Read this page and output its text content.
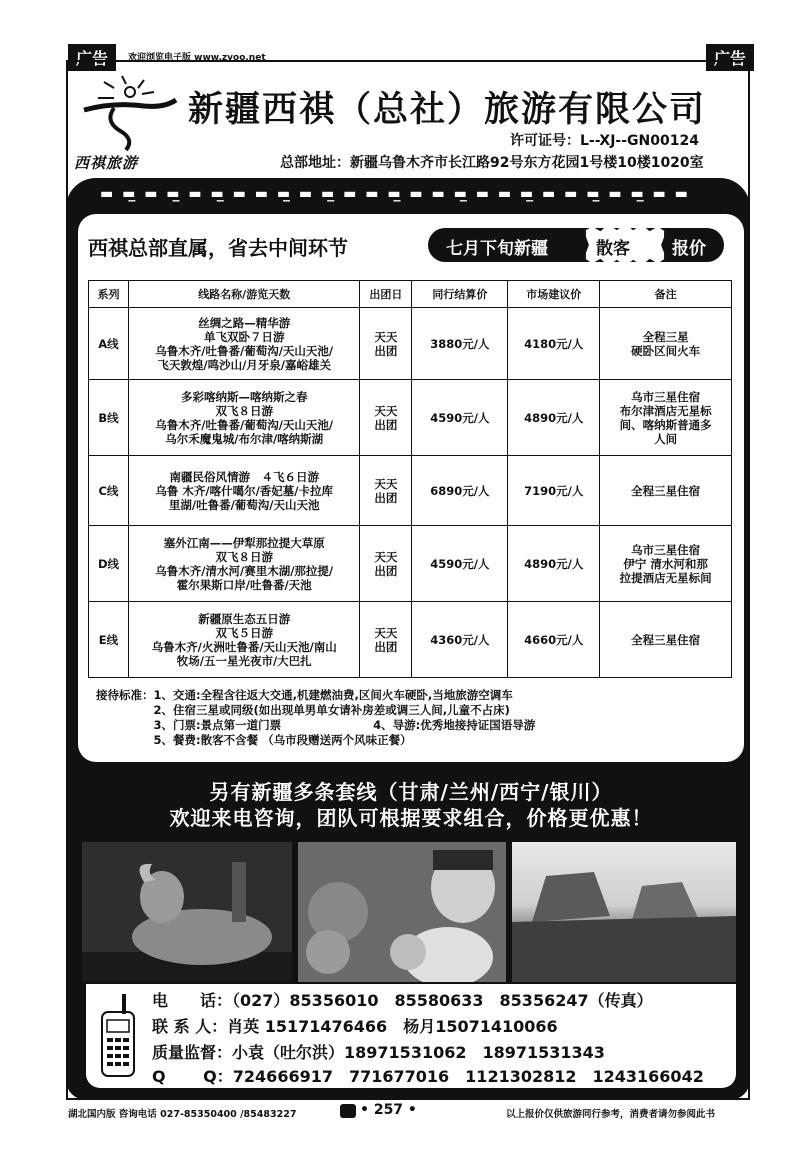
广告	欢迎浏览电子版 www.zyoo.net	广告
西祺旅游
新疆西祺（总社）旅游有限公司
许可证号：L--XJ--GN00124
总部地址：新疆乌鲁木齐市长江路92号东方花园1号楼10楼1020室
▬ ▬̲ ▬ ▬̲ ▬ ▬̲ ▬ ▬ ▬̲ ▬ ▬̲ ▬ ▬ ▬̲ ▬ ▬ ▬̲ ▬ ▬ ▬̲ ▬ ▬ ▬̲ ▬ ▬̲ ▬ ▬
西祺总部直属，省去中间环节	七月下旬新疆	散客 报价
系列	线路名称/游览天数	出团日	同行结算价	市场建议价	备注
A线	丝绸之路—精华游
单飞双卧７日游
乌鲁木齐/吐鲁番/葡萄沟/天山天池/
飞天敦煌/鸣沙山/月牙泉/嘉峪雄关	天天
出团	3880元/人	4180元/人	全程三星
硬卧区间火车
B线	多彩喀纳斯—喀纳斯之春
双飞８日游
乌鲁木齐/吐鲁番/葡萄沟/天山天池/
乌尔禾魔鬼城/布尔津/喀纳斯湖	天天
出团	4590元/人	4890元/人	乌市三星住宿
布尔津酒店无星标
间、喀纳斯普通多
人间
C线	南疆民俗风情游　４飞６日游
乌鲁 木齐/喀什噶尔/香妃墓/卡拉库
里湖/吐鲁番/葡萄沟/天山天池	天天
出团	6890元/人	7190元/人	全程三星住宿
D线	塞外江南——伊犁那拉提大草原
双飞８日游
乌鲁木齐/清水河/赛里木湖/那拉提/
霍尔果斯口岸/吐鲁番/天池	天天
出团	4590元/人	4890元/人	乌市三星住宿
伊宁 清水河和那
拉提酒店无星标间
E线	新疆原生态五日游
双飞５日游
乌鲁木齐/火洲吐鲁番/天山天池/南山
牧场/五一星光夜市/大巴扎	天天
出团	4360元/人	4660元/人	全程三星住宿
接待标准：1、交通:全程含往返大交通,机建燃油费,区间火车硬卧,当地旅游空调车
　　　　　2、住宿三星或同级(如出现单男单女请补房差或调三人间,儿童不占床)
　　　　　3、门票:景点第一道门票　　　　　　　　4、导游:优秀地接持证国语导游
　　　　　5、餐费:散客不含餐 （乌市段赠送两个风味正餐）
另有新疆多条套线（甘肃/兰州/西宁/银川）
欢迎来电咨询，团队可根据要求组合，价格更优惠！
电　　话：（027）85356010　85580633　85356247（传真）
联 系 人：肖英 15171476466　杨月15071410066
质量监督：小袁（吐尔洪）18971531062　18971531343
Q　　 Q：724666917　771677016　1121302812　1243166042
湖北国内版 咨询电话 027-85350400 /85483227	• 257 •	以上报价仅供旅游同行参考，消费者请勿参阅此书
